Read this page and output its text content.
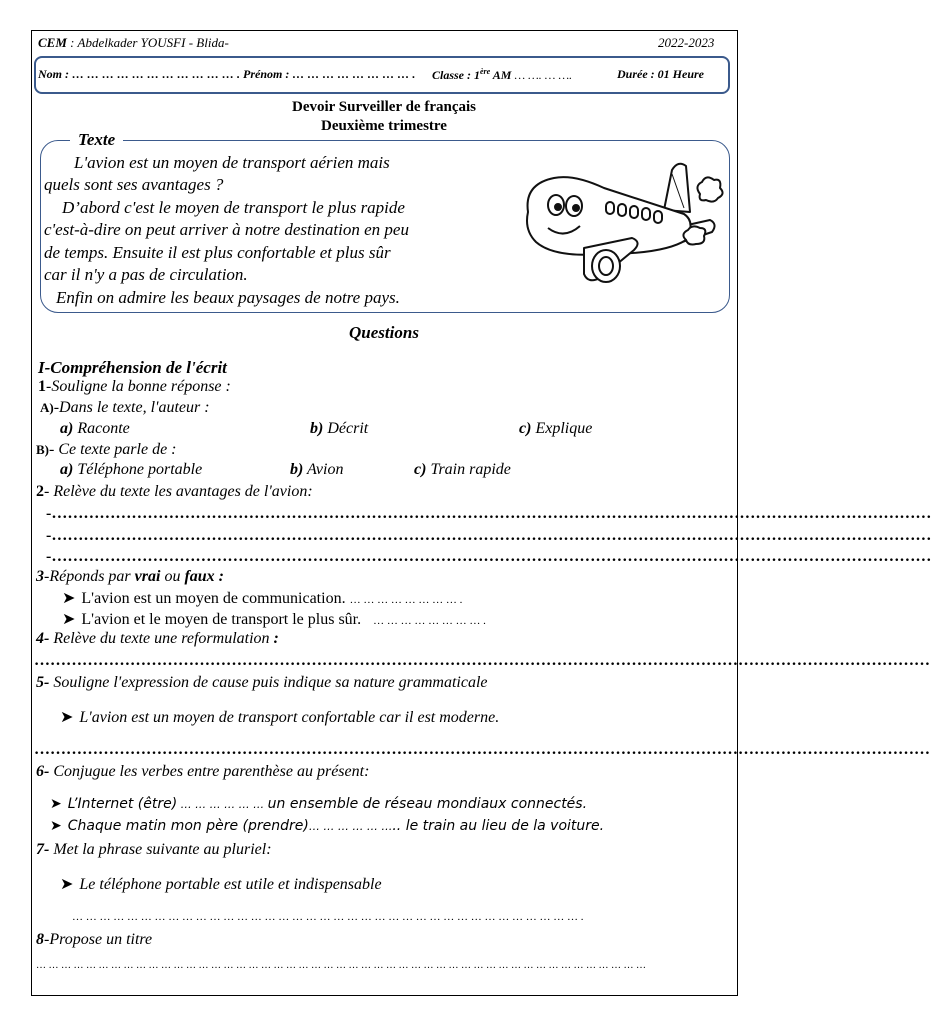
CEM : Abdelkader YOUSFI - Blida-	2022-2023
Nom : … … … … … … … … … … … . Prénom : … … … … … … … … . Classe : 1ère AM … …. … ….	Durée : 01 Heure
Devoir Surveiller de français
Deuxième trimestre
Texte
L'avion est un moyen de transport aérien mais
quels sont ses avantages ?
D’abord c'est le moyen de transport le plus rapide
c'est-à-dire on peut arriver à notre destination en peu
de temps. Ensuite il est plus confortable et plus sûr
car il n'y a pas de circulation.
Enfin on admire les beaux paysages de notre pays.
Questions
I-Compréhension de l'écrit
1-Souligne la bonne réponse :
A)-Dans le texte, l'auteur :
a) Raconte	b) Décrit	c) Explique
B)- Ce texte parle de :
a) Téléphone portable	b) Avion	c) Train rapide
2- Relève du texte les avantages de l'avion:
-…………………………………………………………………………………………………………………………………………………
-…………………………………………………………………………………………………………………………………………………
-…………………………………………………………………………………………………………………………………………………
3-Réponds par vrai ou faux :
➤ L'avion est un moyen de communication. … … … … … … … … .
➤ L'avion et le moyen de transport le plus sûr. … … … … … … … … .
4- Relève du texte une reformulation :
……………………………………………………………………………………………………………………………………………………
5- Souligne l'expression de cause puis indique sa nature grammaticale
➤ L'avion est un moyen de transport confortable car il est moderne.
……………………………………………………………………………………………………………………………………………………
6- Conjugue les verbes entre parenthèse au présent:
➤ L’Internet (être) … … … … … … un ensemble de réseau mondiaux connectés.
➤ Chaque matin mon père (prendre)… … … … … ….. le train au lieu de la voiture.
7- Met la phrase suivante au pluriel:
➤ Le téléphone portable est utile et indispensable
… … … … … … … … … … … … … … … … … … … … … … … … … … … … … … … … … … … … … .
8-Propose un titre
… … … … … … … … … … … … … … … … … … … … … … … … … … … … … … … … … … … … … … … … … … … … … … … … …
